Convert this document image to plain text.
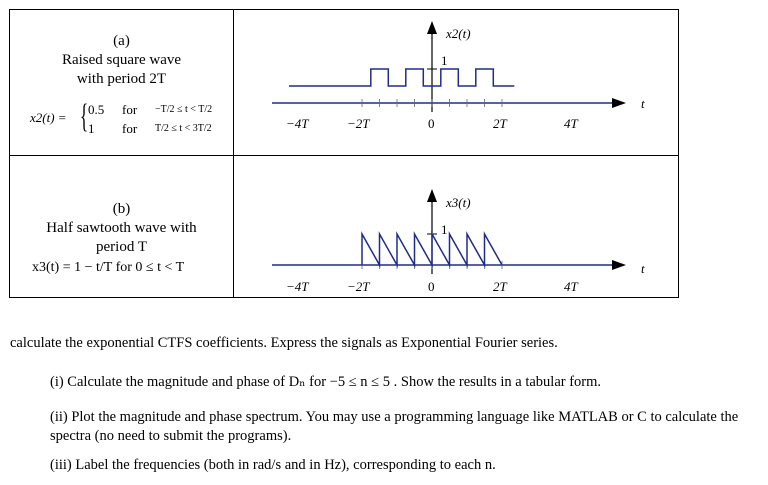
(a)
Raised square wave
with period 2T
x2(t) = { 0.5 for −T/2 ≤ t < T/2
1 for T/2 ≤ t < 3T/2
x2(t)
1
−4T	−2T	0	2T	4T
t
(b)
Half sawtooth wave with
period T
x3(t) = 1 − t/T for 0 ≤ t < T
x3(t)
1
−4T	−2T	0	2T	4T
t
calculate the exponential CTFS coefficients. Express the signals as Exponential Fourier series.

(i) Calculate the magnitude and phase of Dₙ for −5 ≤ n ≤ 5 . Show the results in a tabular form.

(ii) Plot the magnitude and phase spectrum. You may use a programming language like MATLAB or C to calculate the spectra (no need to submit the programs).

(iii) Label the frequencies (both in rad/s and in Hz), corresponding to each n.
